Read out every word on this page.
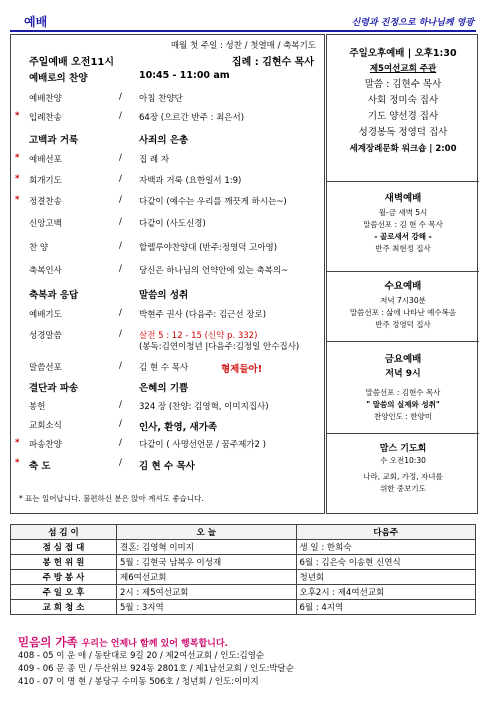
예배	신령과 진정으로 하나님께 영광
매월 첫 주일 : 성찬 / 첫열매 / 축복기도
주일예배 오전11시	집례 : 김현수 목사
예배로의 찬양	10:45 - 11:00 am
예배찬양	/ 아침 찬양단
* 입례찬송	/ 64장 (으르간 반주 : 최은서)
고백과 거룩	사죄의 은총
* 예배선포	/ 집 례 자
* 회개기도	/ 자백과 거룩 (요한일서 1:9)
* 정결찬송	/ 다같이 (예수는 우리를 깨끗게 하시는~)
신앙고백	/ 다같이 (사도신경)
찬 양	/ 할렐루야찬양대 (반주:정영덕 고아영)
축복인사	/ 당신은 하나님의 언약안에 있는 축복의~
축복과 응답	말씀의 성취
예배기도	/ 박현주 권사 (다음주: 김근선 장로)
성경말씀	/ 살전 5 : 12 - 15 (신약 p. 332)
(봉독:김연이청년 |다음주:김정일 안수집사)
말씀선포	/ 김 현 수 목사	형제들아!
결단과 파송	은혜의 기쁨
봉헌	/ 324 장 (찬양: 김영혁, 이미지집사)
교회소식	/ 인사, 환영, 새가족
* 파송찬양	/ 다같이 ( 사명선언문 / 꿈주제가2 )
* 축 도	/ 김 현 수 목사
* 표는 일어납니다. 불편하신 분은 앉아 계셔도 좋습니다.
주일오후예배 | 오후1:30
제5여선교회 주관
말씀 : 김현수 목사
사회 정미숙 집사
기도 양선경 집사
성경봉독 정영덕 집사
세계장례문화 워크숍 | 2:00
새벽예배
월-금 새벽 5시
말씀선포 : 김 현 수 목사
- 골로새서 강해 -
반주 최현정 집사
수요예배
저녁 7시30분
말씀선포 : 삶에 나타난 예수복음
반주 정영덕 집사
금요예배
저녁 9시
말씀선포 : 김현수 목사
" 말씀의 실제와 성취"
찬양인도 : 한양미
맘스 기도회
수 오전10:30
나라, 교회, 가정, 자녀를
위한 중보기도
섬 김 이	오 늘	다음주
점 심 접 대	결혼: 김영혁 이미지	생 일 : 한희숙
봉 헌 위 원	5월 : 김현국 남복우 이성재	6월 : 김은숙 이송현 신연식
주 방 봉 사	제6여선교회	청년회
주 일 오 후	2시 : 제5여선교회	오후2시 : 제4여선교회
교 회 청 소	5월 : 3지역	6월 : 4지역
믿음의 가족 우리는 언제나 함께 있어 행복합니다.
408 - 05 이 운 애 / 동탄대로 9길 20 / 제2여선교회 / 인도:김영순
409 - 06 문 종 민 / 두산위브 924동 2801호 / 제1남선교회 / 인도:박달순
410 - 07 이 명 현 / 봉당구 수미동 506호 / 청년회 / 인도:이미지
